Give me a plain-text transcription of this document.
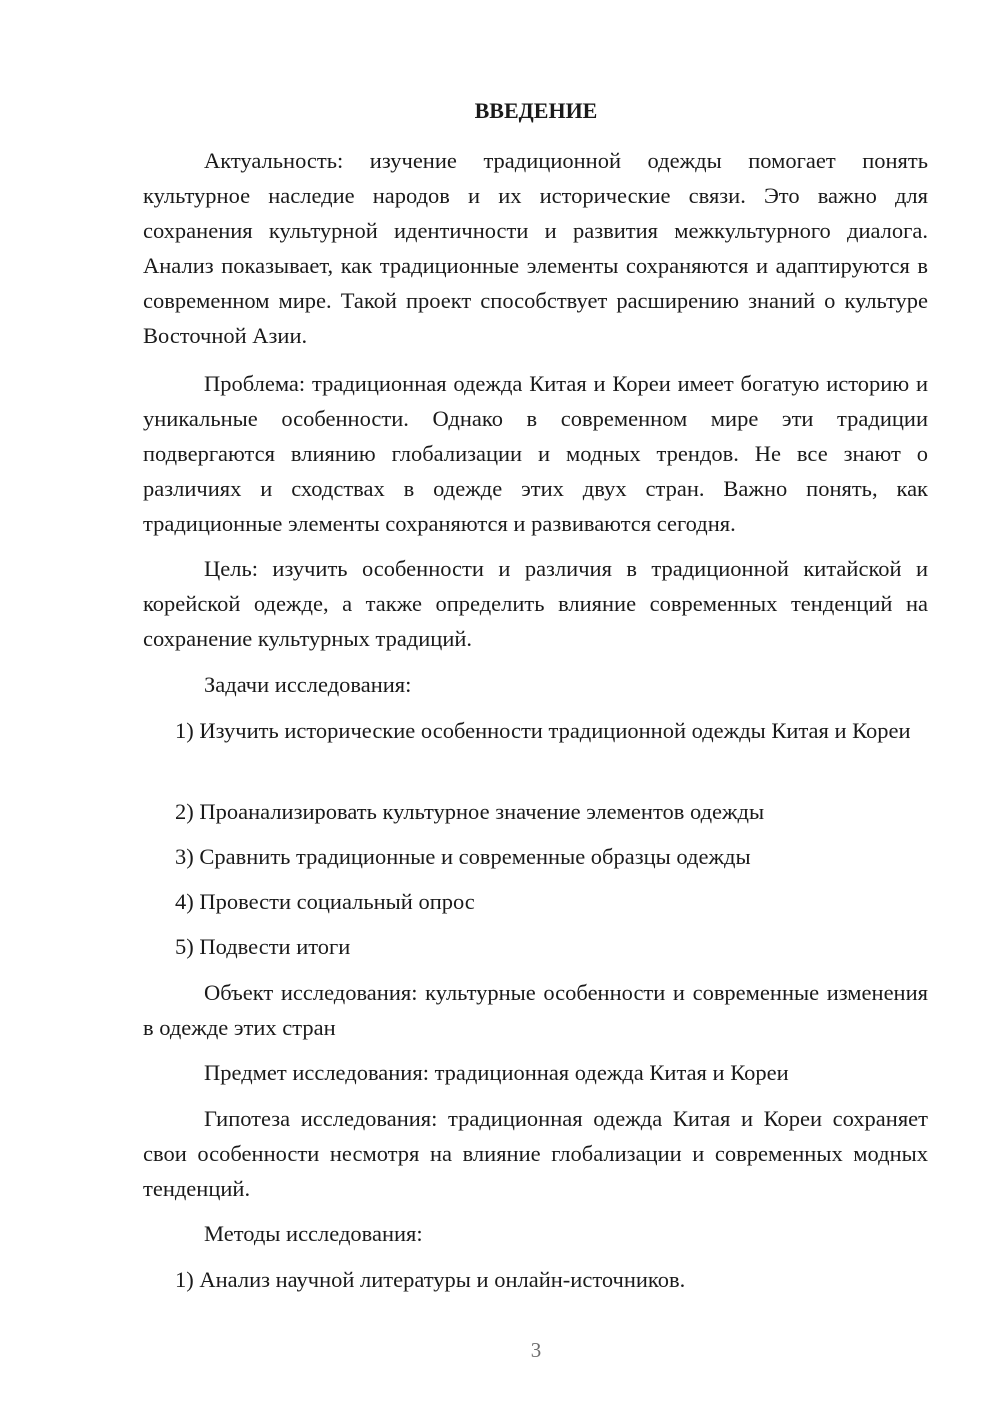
ВВЕДЕНИЕ

Актуальность: изучение традиционной одежды помогает понять культурное наследие народов и их исторические связи. Это важно для сохранения культурной идентичности и развития межкультурного диалога. Анализ показывает, как традиционные элементы сохраняются и адаптируются в современном мире. Такой проект способствует расширению знаний о культуре Восточной Азии.

Проблема: традиционная одежда Китая и Кореи имеет богатую историю и уникальные особенности. Однако в современном мире эти традиции подвергаются влиянию глобализации и модных трендов. Не все знают о различиях и сходствах в одежде этих двух стран. Важно понять, как традиционные элементы сохраняются и развиваются сегодня.

Цель: изучить особенности и различия в традиционной китайской и корейской одежде, а также определить влияние современных тенденций на сохранение культурных традиций.

Задачи исследования:

1) Изучить исторические особенности традиционной одежды Китая и Кореи

2) Проанализировать культурное значение элементов одежды

3) Сравнить традиционные и современные образцы одежды

4) Провести социальный опрос

5) Подвести итоги

Объект исследования: культурные особенности и современные изменения в одежде этих стран

Предмет исследования: традиционная одежда Китая и Кореи

Гипотеза исследования: традиционная одежда Китая и Кореи сохраняет свои особенности несмотря на влияние глобализации и современных модных тенденций.

Методы исследования:

1) Анализ научной литературы и онлайн-источников.

3
